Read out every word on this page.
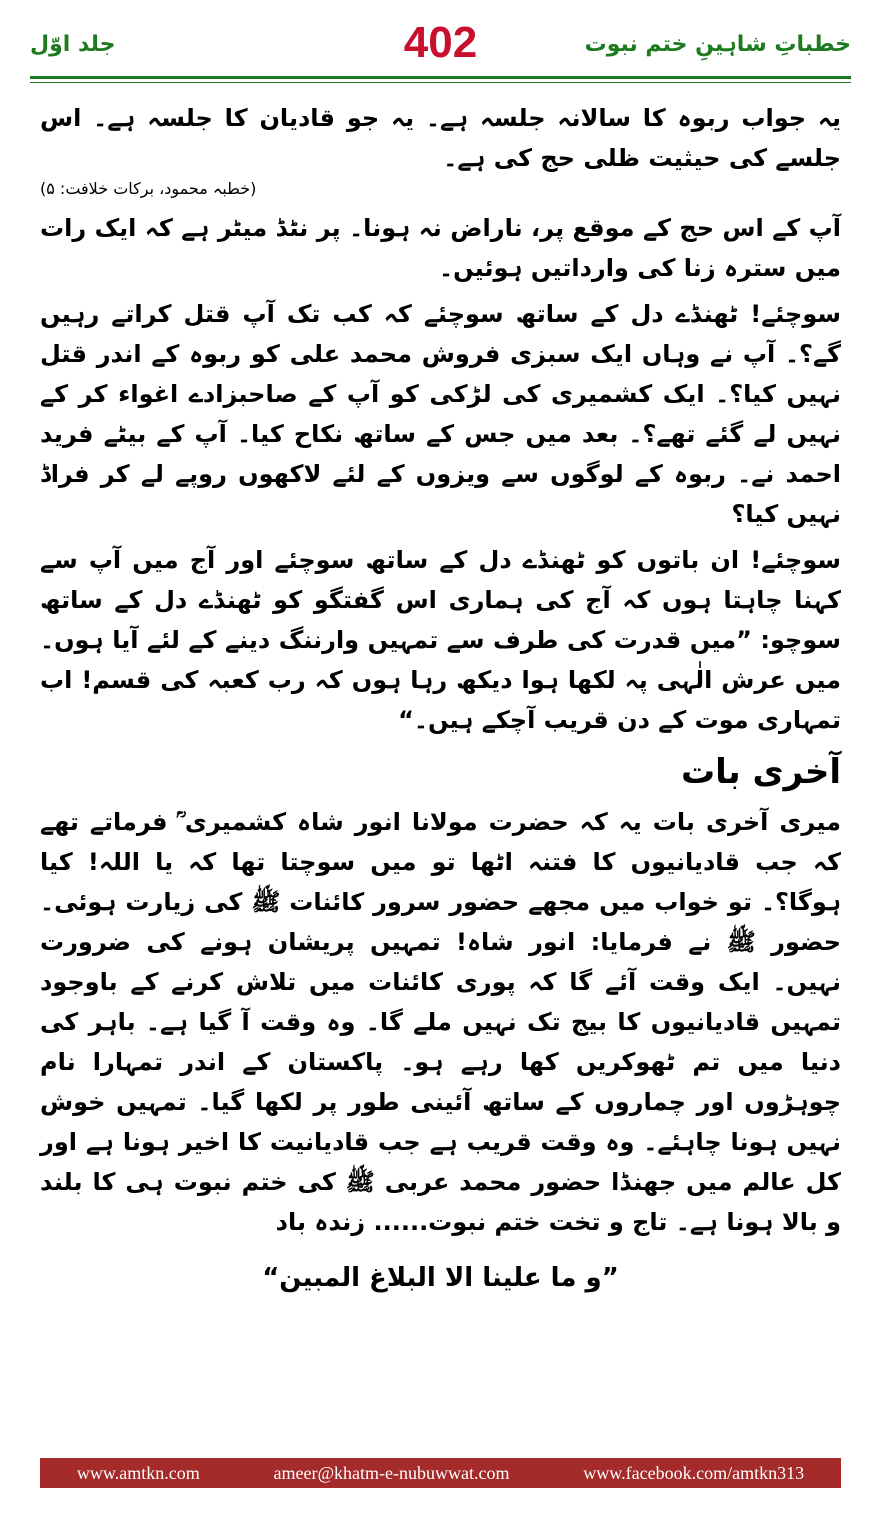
جلد اوّل	402	خطباتِ شاہینِ ختم نبوت

یہ جواب ربوہ کا سالانہ جلسہ ہے۔ یہ جو قادیان کا جلسہ ہے۔ اس جلسے کی حیثیت ظلی حج کی ہے۔
(خطبہ محمود، برکات خلافت: ۵)

آپ کے اس حج کے موقع پر، ناراض نہ ہونا۔ پر نٹڈ میٹر ہے کہ ایک رات میں سترہ زنا کی وارداتیں ہوئیں۔

سوچئے! ٹھنڈے دل کے ساتھ سوچئے کہ کب تک آپ قتل کراتے رہیں گے؟۔ آپ نے وہاں ایک سبزی فروش محمد علی کو ربوہ کے اندر قتل نہیں کیا؟۔ ایک کشمیری کی لڑکی کو آپ کے صاحبزادے اغواء کر کے نہیں لے گئے تھے؟۔ بعد میں جس کے ساتھ نکاح کیا۔ آپ کے بیٹے فرید احمد نے۔ ربوہ کے لوگوں سے ویزوں کے لئے لاکھوں روپے لے کر فراڈ نہیں کیا؟

سوچئے! ان باتوں کو ٹھنڈے دل کے ساتھ سوچئے اور آج میں آپ سے کہنا چاہتا ہوں کہ آج کی ہماری اس گفتگو کو ٹھنڈے دل کے ساتھ سوچو: ”میں قدرت کی طرف سے تمہیں وارننگ دینے کے لئے آیا ہوں۔ میں عرش الٰہی پہ لکھا ہوا دیکھ رہا ہوں کہ رب کعبہ کی قسم! اب تمہاری موت کے دن قریب آچکے ہیں۔“

آخری بات

میری آخری بات یہ کہ حضرت مولانا انور شاہ کشمیری ؒ فرماتے تھے کہ جب قادیانیوں کا فتنہ اٹھا تو میں سوچتا تھا کہ یا اللہ! کیا ہوگا؟۔ تو خواب میں مجھے حضور سرور کائنات ﷺ کی زیارت ہوئی۔ حضور ﷺ نے فرمایا: انور شاہ! تمہیں پریشان ہونے کی ضرورت نہیں۔ ایک وقت آئے گا کہ پوری کائنات میں تلاش کرنے کے باوجود تمہیں قادیانیوں کا بیج تک نہیں ملے گا۔ وہ وقت آ گیا ہے۔ باہر کی دنیا میں تم ٹھوکریں کھا رہے ہو۔ پاکستان کے اندر تمہارا نام چوہڑوں اور چماروں کے ساتھ آئینی طور پر لکھا گیا۔ تمہیں خوش نہیں ہونا چاہئے۔ وہ وقت قریب ہے جب قادیانیت کا اخیر ہونا ہے اور کل عالم میں جھنڈا حضور محمد عربی ﷺ کی ختم نبوت ہی کا بلند و بالا ہونا ہے۔ تاج و تخت ختم نبوت...... زندہ باد

”و ما علینا الا البلاغ المبین“
www.amtkn.com	ameer@khatm-e-nubuwwat.com	www.facebook.com/amtkn313
